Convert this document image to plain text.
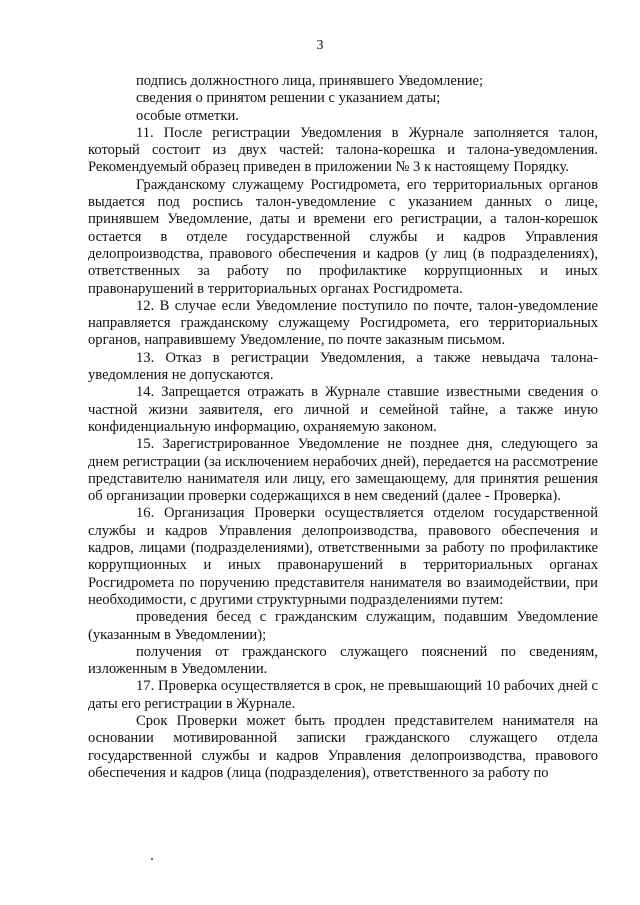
3

подпись должностного лица, принявшего Уведомление;

сведения о принятом решении с указанием даты;

особые отметки.

11. После регистрации Уведомления в Журнале заполняется талон, который состоит из двух частей: талона-корешка и талона-уведомления. Рекомендуемый образец приведен в приложении № 3 к настоящему Порядку.

Гражданскому служащему Росгидромета, его территориальных органов выдается под роспись талон-уведомление с указанием данных о лице, принявшем Уведомление, даты и времени его регистрации, а талон-корешок остается в отделе государственной службы и кадров Управления делопроизводства, правового обеспечения и кадров (у лиц (в подразделениях), ответственных за работу по профилактике коррупционных и иных правонарушений в территориальных органах Росгидромета.

12. В случае если Уведомление поступило по почте, талон-уведомление направляется гражданскому служащему Росгидромета, его территориальных органов, направившему Уведомление, по почте заказным письмом.

13. Отказ в регистрации Уведомления, а также невыдача талона-уведомления не допускаются.

14. Запрещается отражать в Журнале ставшие известными сведения о частной жизни заявителя, его личной и семейной тайне, а также иную конфиденциальную информацию, охраняемую законом.

15. Зарегистрированное Уведомление не позднее дня, следующего за днем регистрации (за исключением нерабочих дней), передается на рассмотрение представителю нанимателя или лицу, его замещающему, для принятия решения об организации проверки содержащихся в нем сведений (далее - Проверка).

16. Организация Проверки осуществляется отделом государственной службы и кадров Управления делопроизводства, правового обеспечения и кадров, лицами (подразделениями), ответственными за работу по профилактике коррупционных и иных правонарушений в территориальных органах Росгидромета по поручению представителя нанимателя во взаимодействии, при необходимости, с другими структурными подразделениями путем:

проведения бесед с гражданским служащим, подавшим Уведомление (указанным в Уведомлении);

получения от гражданского служащего пояснений по сведениям, изложенным в Уведомлении.

17. Проверка осуществляется в срок, не превышающий 10 рабочих дней с даты его регистрации в Журнале.

Срок Проверки может быть продлен представителем нанимателя на основании мотивированной записки гражданского служащего отдела государственной службы и кадров Управления делопроизводства, правового обеспечения и кадров (лица (подразделения), ответственного за работу по
